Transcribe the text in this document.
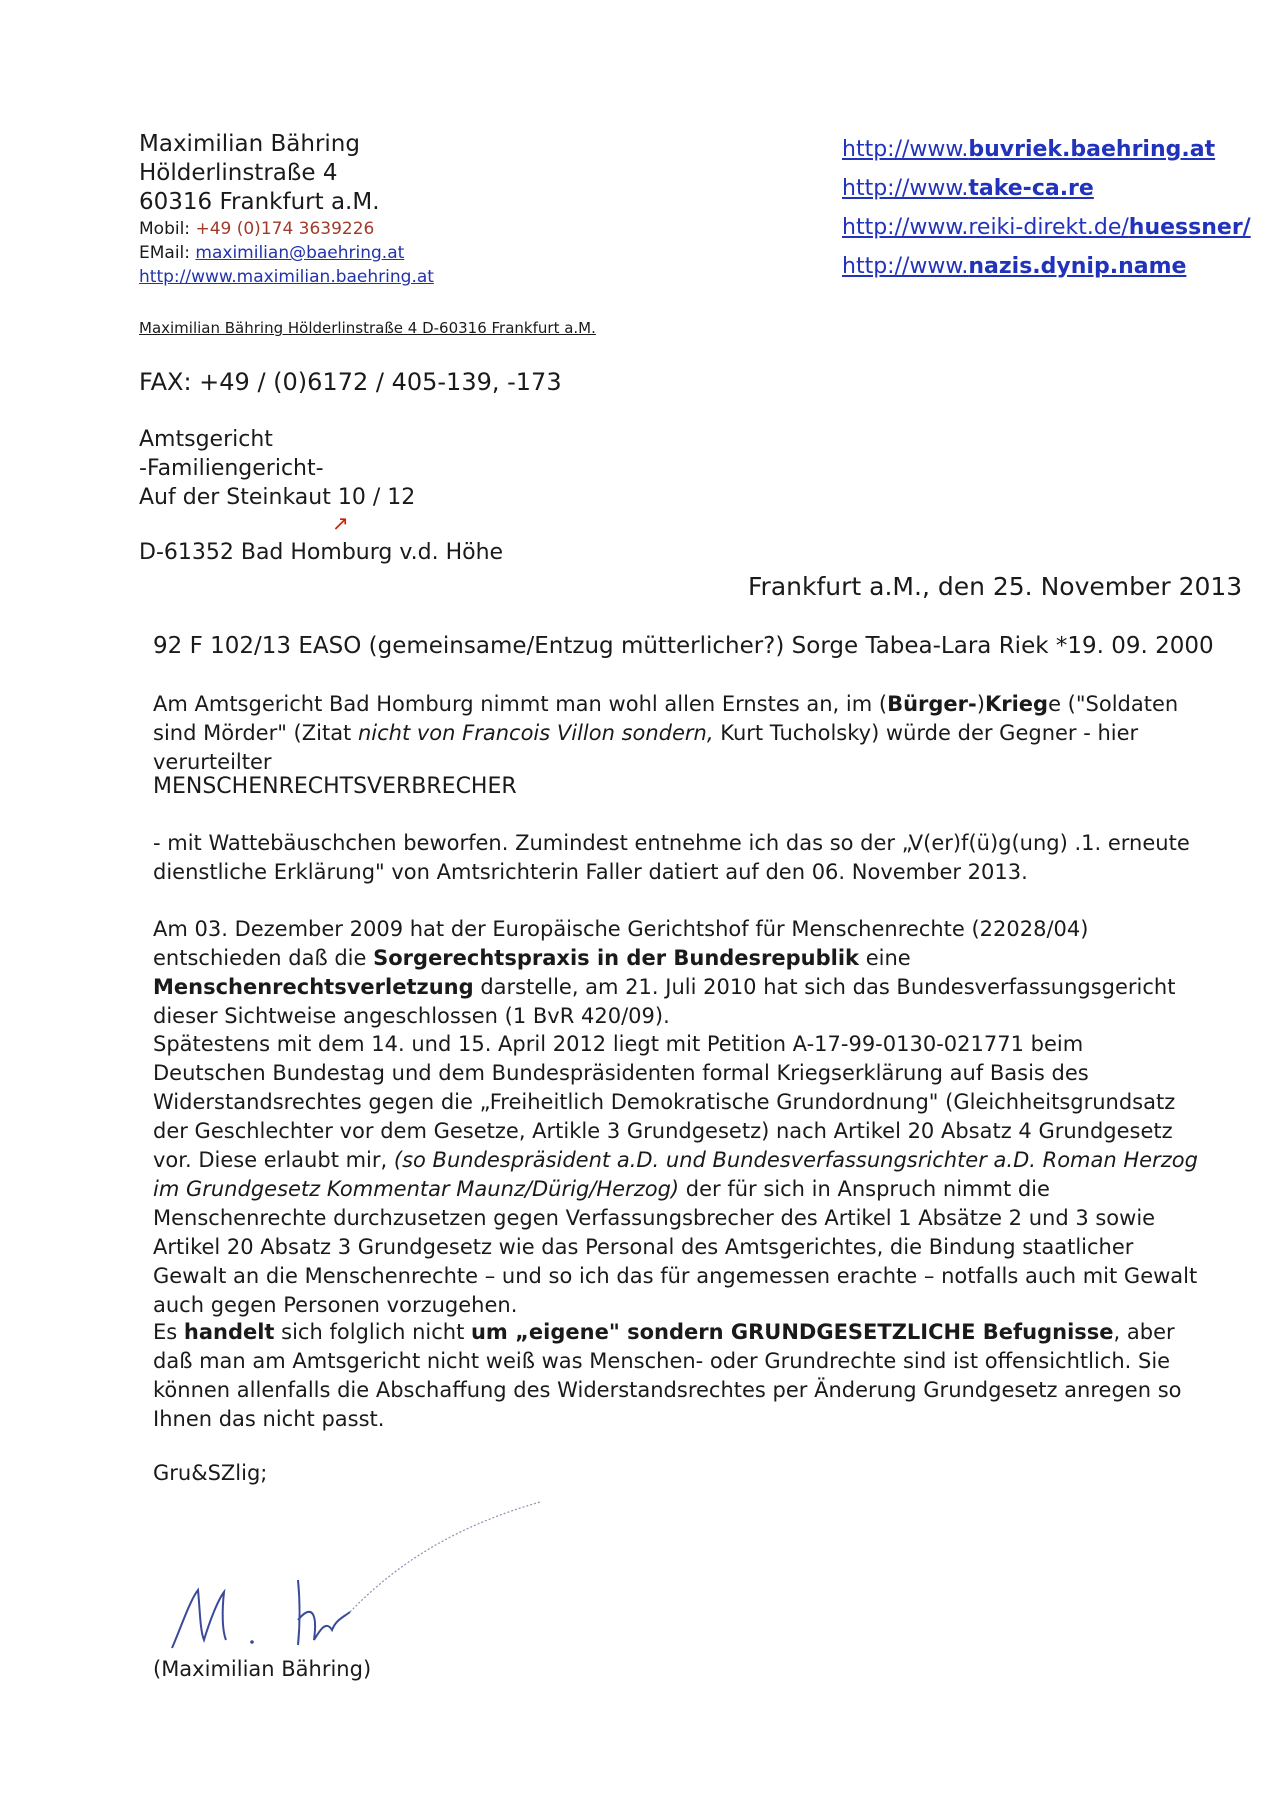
Maximilian Bähring
Hölderlinstraße 4
60316 Frankfurt a.M.
Mobil: +49 (0)174 3639226
EMail: maximilian@baehring.at
http://www.maximilian.baehring.at
http://www.buvriek.baehring.at
http://www.take-ca.re
http://www.reiki-direkt.de/huessner/
http://www.nazis.dynip.name
Maximilian Bähring Hölderlinstraße 4 D-60316 Frankfurt a.M.
FAX: +49 / (0)6172 / 405-139, -173
Amtsgericht
-Familiengericht-
Auf der Steinkaut 10 / 12
↗
D-61352 Bad Homburg v.d. Höhe
Frankfurt a.M., den 25. November 2013
92 F 102/13 EASO (gemeinsame/Entzug mütterlicher?) Sorge Tabea-Lara Riek *19. 09. 2000
Am Amtsgericht Bad Homburg nimmt man wohl allen Ernstes an, im (Bürger-)Kriege ("Soldaten sind Mörder" (Zitat nicht von Francois Villon sondern, Kurt Tucholsky) würde der Gegner - hier verurteilter
MENSCHENRECHTSVERBRECHER
- mit Wattebäuschchen beworfen. Zumindest entnehme ich das so der „V(er)f(ü)g(ung) .1. erneute dienstliche Erklärung" von Amtsrichterin Faller datiert auf den 06. November 2013.
Am 03. Dezember 2009 hat der Europäische Gerichtshof für Menschenrechte (22028/04) entschieden daß die Sorgerechtspraxis in der Bundesrepublik eine Menschenrechtsverletzung darstelle, am 21. Juli 2010 hat sich das Bundesverfassungsgericht dieser Sichtweise angeschlossen (1 BvR 420/09).
Spätestens mit dem 14. und 15. April 2012 liegt mit Petition A-17-99-0130-021771 beim Deutschen Bundestag und dem Bundespräsidenten formal Kriegserklärung auf Basis des Widerstandsrechtes gegen die „Freiheitlich Demokratische Grundordnung" (Gleichheitsgrundsatz der Geschlechter vor dem Gesetze, Artikle 3 Grundgesetz) nach Artikel 20 Absatz 4 Grundgesetz vor. Diese erlaubt mir, (so Bundespräsident a.D. und Bundesverfassungsrichter a.D. Roman Herzog im Grundgesetz Kommentar Maunz/Dürig/Herzog) der für sich in Anspruch nimmt die Menschenrechte durchzusetzen gegen Verfassungsbrecher des Artikel 1 Absätze 2 und 3 sowie Artikel 20 Absatz 3 Grundgesetz wie das Personal des Amtsgerichtes, die Bindung staatlicher Gewalt an die Menschenrechte – und so ich das für angemessen erachte – notfalls auch mit Gewalt auch gegen Personen vorzugehen.
Es handelt sich folglich nicht um „eigene" sondern GRUNDGESETZLICHE Befugnisse, aber daß man am Amtsgericht nicht weiß was Menschen- oder Grundrechte sind ist offensichtlich. Sie können allenfalls die Abschaffung des Widerstandsrechtes per Änderung Grundgesetz anregen so Ihnen das nicht passt.
Gru&SZlig;
(Maximilian Bähring)
